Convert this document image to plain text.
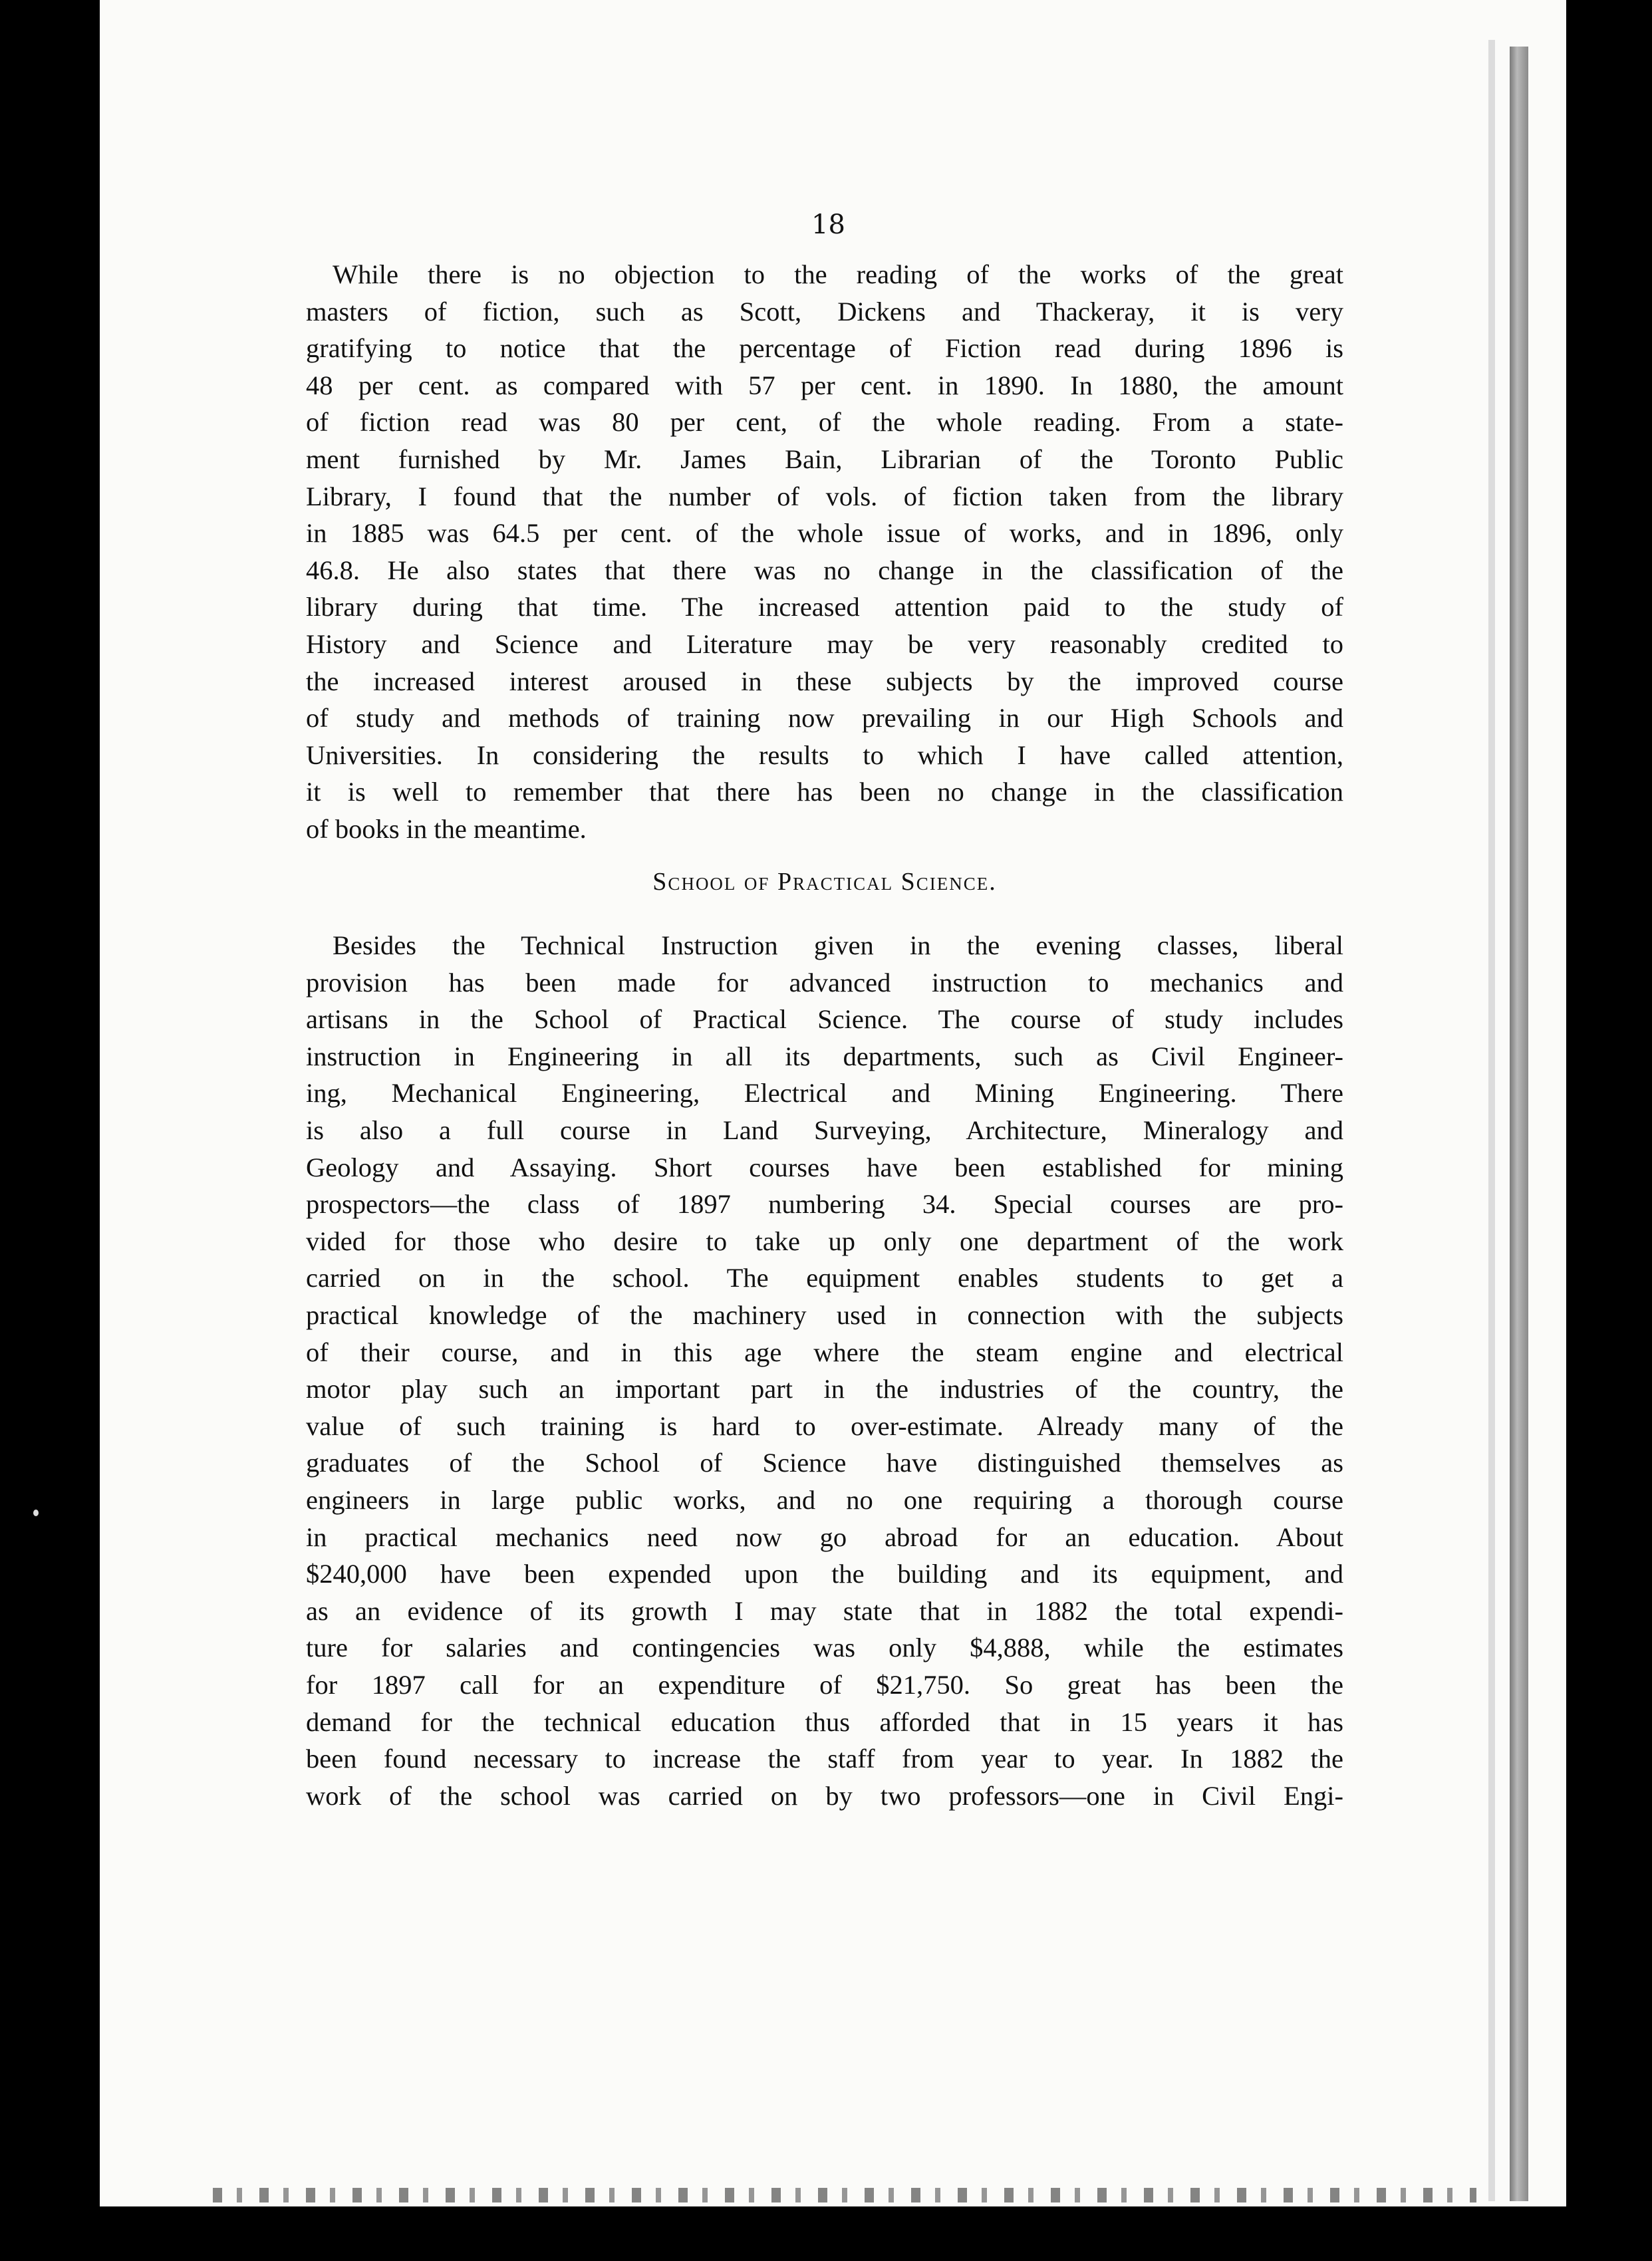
18
While there is no objection to the reading of the works of the great
masters of fiction, such as Scott, Dickens and Thackeray, it is very
gratifying to notice that the percentage of Fiction read during 1896 is
48 per cent. as compared with 57 per cent. in 1890. In 1880, the amount
of fiction read was 80 per cent, of the whole reading. From a state-
ment furnished by Mr. James Bain, Librarian of the Toronto Public
Library, I found that the number of vols. of fiction taken from the library
in 1885 was 64.5 per cent. of the whole issue of works, and in 1896, only
46.8. He also states that there was no change in the classification of the
library during that time. The increased attention paid to the study of
History and Science and Literature may be very reasonably credited to
the increased interest aroused in these subjects by the improved course
of study and methods of training now prevailing in our High Schools and
Universities. In considering the results to which I have called attention,
it is well to remember that there has been no change in the classification
of books in the meantime.
School of Practical Science.
Besides the Technical Instruction given in the evening classes, liberal
provision has been made for advanced instruction to mechanics and
artisans in the School of Practical Science. The course of study includes
instruction in Engineering in all its departments, such as Civil Engineer-
ing, Mechanical Engineering, Electrical and Mining Engineering. There
is also a full course in Land Surveying, Architecture, Mineralogy and
Geology and Assaying. Short courses have been established for mining
prospectors—the class of 1897 numbering 34. Special courses are pro-
vided for those who desire to take up only one department of the work
carried on in the school. The equipment enables students to get a
practical knowledge of the machinery used in connection with the subjects
of their course, and in this age where the steam engine and electrical
motor play such an important part in the industries of the country, the
value of such training is hard to over-estimate. Already many of the
graduates of the School of Science have distinguished themselves as
engineers in large public works, and no one requiring a thorough course
in practical mechanics need now go abroad for an education. About
$240,000 have been expended upon the building and its equipment, and
as an evidence of its growth I may state that in 1882 the total expendi-
ture for salaries and contingencies was only $4,888, while the estimates
for 1897 call for an expenditure of $21,750. So great has been the
demand for the technical education thus afforded that in 15 years it has
been found necessary to increase the staff from year to year. In 1882 the
work of the school was carried on by two professors—one in Civil Engi-
